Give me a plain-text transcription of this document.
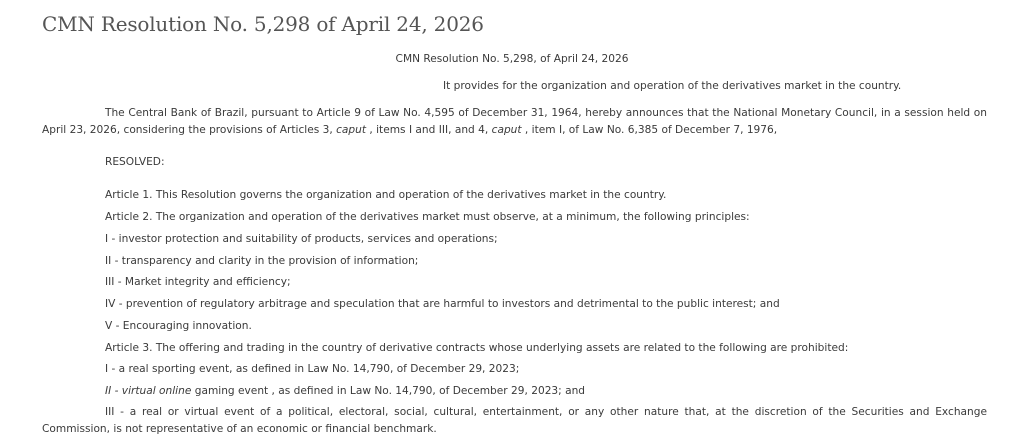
CMN Resolution No. 5,298 of April 24, 2026

CMN Resolution No. 5,298, of April 24, 2026

It provides for the organization and operation of the derivatives market in the country.

The Central Bank of Brazil, pursuant to Article 9 of Law No. 4,595 of December 31, 1964, hereby announces that the National Monetary Council, in a session held on April 23, 2026, considering the provisions of Articles 3, caput , items I and III, and 4, caput , item I, of Law No. 6,385 of December 7, 1976,

RESOLVED:

Article 1. This Resolution governs the organization and operation of the derivatives market in the country.

Article 2. The organization and operation of the derivatives market must observe, at a minimum, the following principles:

I - investor protection and suitability of products, services and operations;

II - transparency and clarity in the provision of information;

III - Market integrity and efficiency;

IV - prevention of regulatory arbitrage and speculation that are harmful to investors and detrimental to the public interest; and

V - Encouraging innovation.

Article 3. The offering and trading in the country of derivative contracts whose underlying assets are related to the following are prohibited:

I - a real sporting event, as defined in Law No. 14,790, of December 29, 2023;

II - virtual online gaming event , as defined in Law No. 14,790, of December 29, 2023; and

III - a real or virtual event of a political, electoral, social, cultural, entertainment, or any other nature that, at the discretion of the Securities and Exchange Commission, is not representative of an economic or financial benchmark.
